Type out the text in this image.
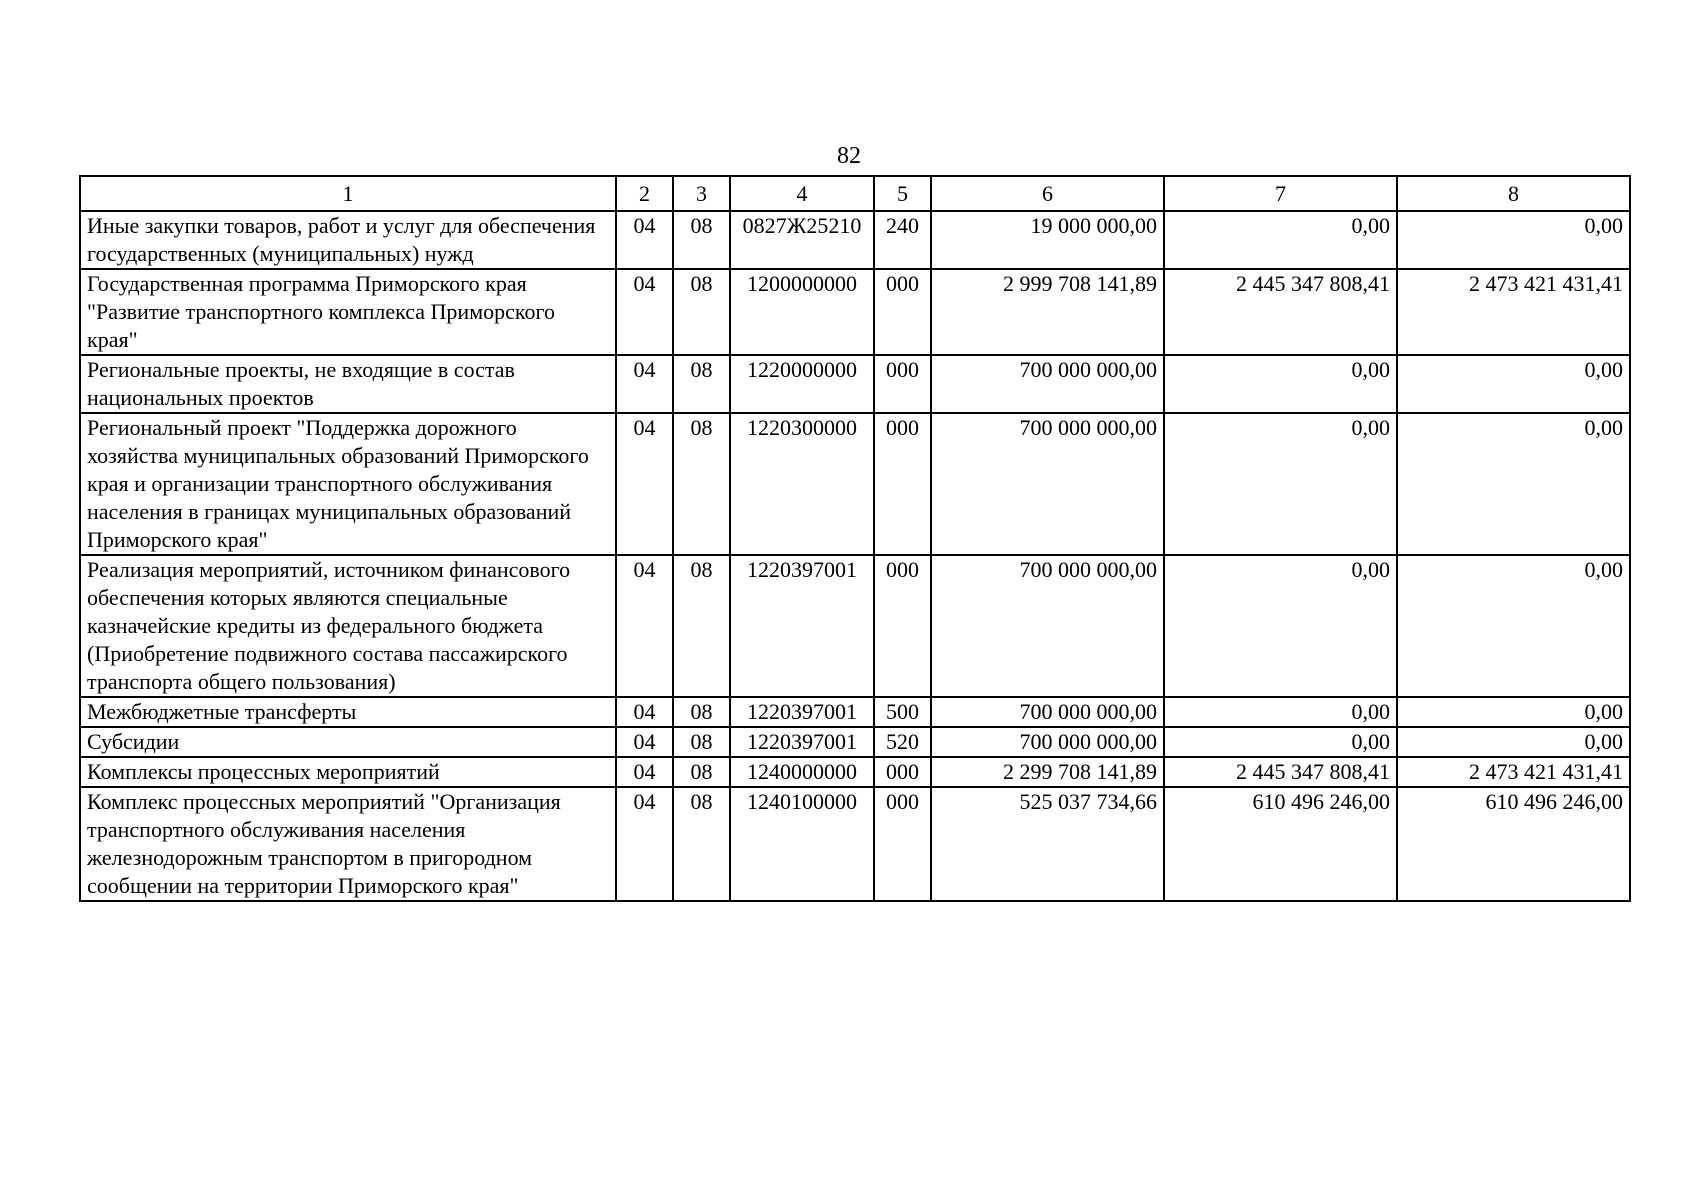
82
1	2	3	4	5	6	7	8
Иные закупки товаров, работ и услуг для обеспечения государственных (муниципальных) нужд	04	08	0827Ж25210	240	19 000 000,00	0,00	0,00
Государственная программа Приморского края "Развитие транспортного комплекса Приморского края"	04	08	1200000000	000	2 999 708 141,89	2 445 347 808,41	2 473 421 431,41
Региональные проекты, не входящие в состав национальных проектов	04	08	1220000000	000	700 000 000,00	0,00	0,00
Региональный проект "Поддержка дорожного хозяйства муниципальных образований Приморского края и организации транспортного обслуживания населения в границах муниципальных образований Приморского края"	04	08	1220300000	000	700 000 000,00	0,00	0,00
Реализация мероприятий, источником финансового обеспечения которых являются специальные казначейские кредиты из федерального бюджета (Приобретение подвижного состава пассажирского транспорта общего пользования)	04	08	1220397001	000	700 000 000,00	0,00	0,00
Межбюджетные трансферты	04	08	1220397001	500	700 000 000,00	0,00	0,00
Субсидии	04	08	1220397001	520	700 000 000,00	0,00	0,00
Комплексы процессных мероприятий	04	08	1240000000	000	2 299 708 141,89	2 445 347 808,41	2 473 421 431,41
Комплекс процессных мероприятий "Организация транспортного обслуживания населения железнодорожным транспортом в пригородном сообщении на территории Приморского края"	04	08	1240100000	000	525 037 734,66	610 496 246,00	610 496 246,00
